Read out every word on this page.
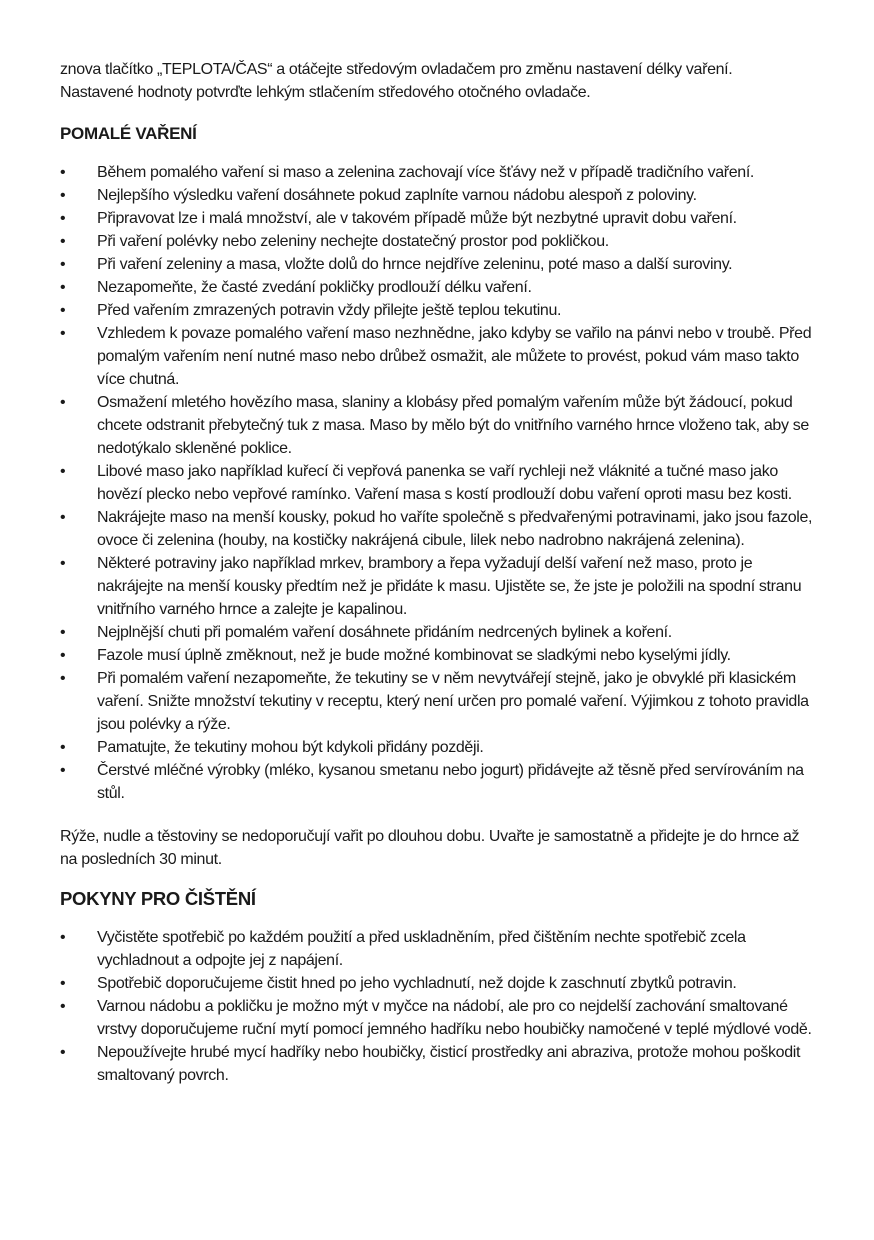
znova tlačítko „TEPLOTA/ČAS“ a otáčejte středovým ovladačem pro změnu nastavení délky vaření.
Nastavené hodnoty potvrďte lehkým stlačením středového otočného ovladače.

POMALÉ VAŘENÍ
• Během pomalého vaření si maso a zelenina zachovají více šťávy než v případě tradičního vaření.
• Nejlepšího výsledku vaření dosáhnete pokud zaplníte varnou nádobu alespoň z poloviny.
• Připravovat lze i malá množství, ale v takovém případě může být nezbytné upravit dobu vaření.
• Při vaření polévky nebo zeleniny nechejte dostatečný prostor pod pokličkou.
• Při vaření zeleniny a masa, vložte dolů do hrnce nejdříve zeleninu, poté maso a další suroviny.
• Nezapomeňte, že časté zvedání pokličky prodlouží délku vaření.
• Před vařením zmrazených potravin vždy přilejte ještě teplou tekutinu.
• Vzhledem k povaze pomalého vaření maso nezhnědne, jako kdyby se vařilo na pánvi nebo v troubě. Před pomalým vařením není nutné maso nebo drůbež osmažit, ale můžete to provést, pokud vám maso takto více chutná.
• Osmažení mletého hovězího masa, slaniny a klobásy před pomalým vařením může být žádoucí, pokud chcete odstranit přebytečný tuk z masa. Maso by mělo být do vnitřního varného hrnce vloženo tak, aby se nedotýkalo skleněné poklice.
• Libové maso jako například kuřecí či vepřová panenka se vaří rychleji než vláknité a tučné maso jako hovězí plecko nebo vepřové ramínko. Vaření masa s kostí prodlouží dobu vaření oproti masu bez kosti.
• Nakrájejte maso na menší kousky, pokud ho vaříte společně s předvařenými potravinami, jako jsou fazole, ovoce či zelenina (houby, na kostičky nakrájená cibule, lilek nebo nadrobno nakrájená zelenina).
• Některé potraviny jako například mrkev, brambory a řepa vyžadují delší vaření než maso, proto je nakrájejte na menší kousky předtím než je přidáte k masu. Ujistěte se, že jste je položili na spodní stranu vnitřního varného hrnce a zalejte je kapalinou.
• Nejplnější chuti při pomalém vaření dosáhnete přidáním nedrcených bylinek a koření.
• Fazole musí úplně změknout, než je bude možné kombinovat se sladkými nebo kyselými jídly.
• Při pomalém vaření nezapomeňte, že tekutiny se v něm nevytvářejí stejně, jako je obvyklé při klasickém vaření. Snižte množství tekutiny v receptu, který není určen pro pomalé vaření. Výjimkou z tohoto pravidla jsou polévky a rýže.
• Pamatujte, že tekutiny mohou být kdykoli přidány později.
• Čerstvé mléčné výrobky (mléko, kysanou smetanu nebo jogurt) přidávejte až těsně před servírováním na stůl.

Rýže, nudle a těstoviny se nedoporučují vařit po dlouhou dobu. Uvařte je samostatně a přidejte je do hrnce až na posledních 30 minut.

POKYNY PRO ČIŠTĚNÍ
• Vyčistěte spotřebič po každém použití a před uskladněním, před čištěním nechte spotřebič zcela vychladnout a odpojte jej z napájení.
• Spotřebič doporučujeme čistit hned po jeho vychladnutí, než dojde k zaschnutí zbytků potravin.
• Varnou nádobu a pokličku je možno mýt v myčce na nádobí, ale pro co nejdelší zachování smaltované vrstvy doporučujeme ruční mytí pomocí jemného hadříku nebo houbičky namočené v teplé mýdlové vodě.
• Nepoužívejte hrubé mycí hadříky nebo houbičky, čisticí prostředky ani abraziva, protože mohou poškodit smaltovaný povrch.
